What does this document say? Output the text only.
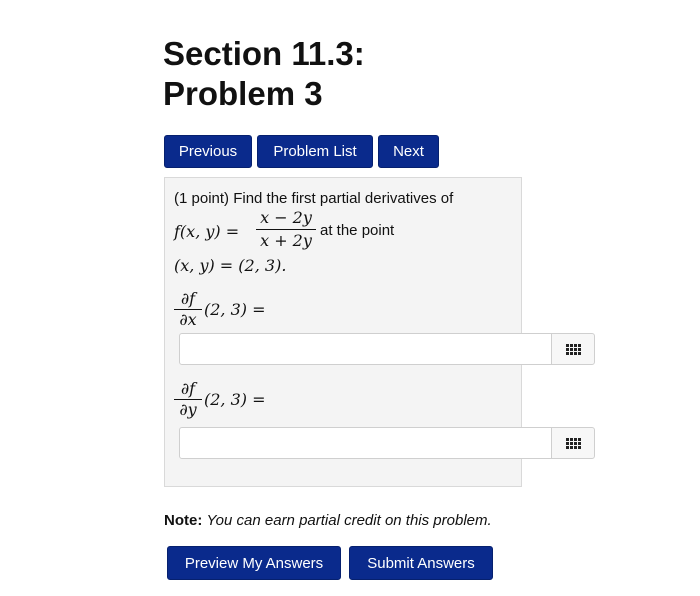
Section 11.3:
Problem 3
Previous	Problem List	Next
(1 point) Find the first partial derivatives of
f(x, y) =
x − 2y
x + 2y
at the point
(x, y) = (2, 3).
∂f
∂x
(2, 3) =
∂f
∂y
(2, 3) =
Note: You can earn partial credit on this problem.
Preview My Answers	Submit Answers
